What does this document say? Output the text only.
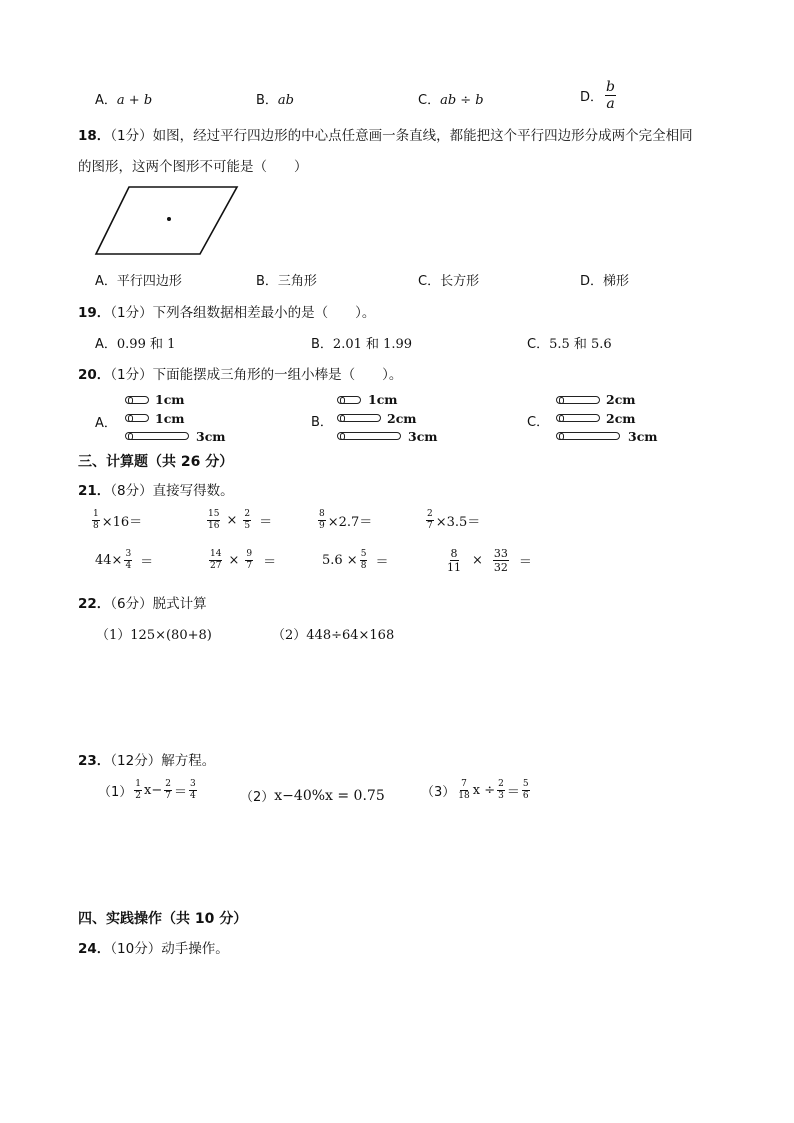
A．a + b	B．ab	C．ab ÷ b	D． $\frac{b}{a}$
18．（1分）如图，经过平行四边形的中心点任意画一条直线，都能把这个平行四边形分成两个完全相同
的图形，这两个图形不可能是（　　）
A．平行四边形	B．三角形	C．长方形	D．梯形
19．（1分）下列各组数据相差最小的是（　　）。
A．0.99 和 1	B．2.01 和 1.99	C．5.5 和 5.6
20．（1分）下面能摆成三角形的一组小棒是（　　）。
A．
1cm
1cm
3cm
B．
1cm
2cm
3cm
C．
2cm
2cm
3cm
三、计算题（共 26 分）
21．（8分）直接写得数。
$\frac{1}{8} \times 16=$	$\frac{15}{16} \times \frac{2}{5}$ ＝	$\frac{8}{9} \times 2.7=$	$\frac{2}{7} \times 3.5=$
$44\times \frac{3}{4}$ ＝	$\frac{14}{27} \times \frac{9}{7}$ ＝	$5.6 \times \frac{5}{8}$ ＝	$\frac{8}{11} \times \frac{33}{32}$ ＝
22．（6分）脱式计算
（1）125×(80+8)	（2）448÷64×168
23．（12分）解方程。
$(1) \frac{1}{2} x- \frac{2}{7} = \frac{3}{4}$	（2） x−40%x = 0.75	$(3) \frac{7}{18}$ $x \div \frac{2}{3} = \frac{5}{6}$
四、实践操作（共 10 分）
24．（10分）动手操作。
